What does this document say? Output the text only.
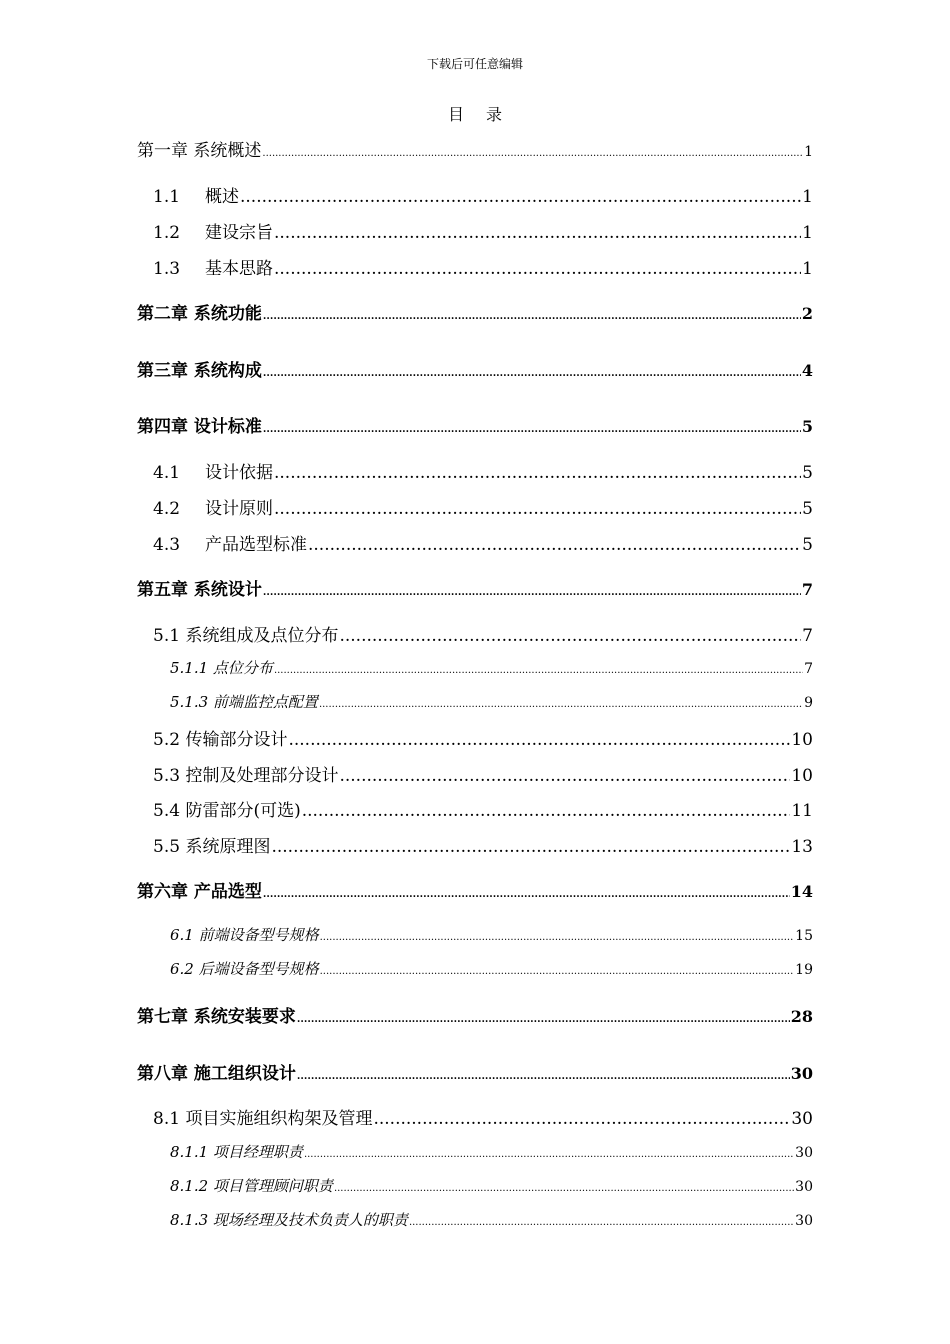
下载后可任意编辑
目 录
第一章 系统概述 .....	1
1.1 概述 .....	1
1.2 建设宗旨 .....	1
1.3 基本思路 .....	1
第二章 系统功能 .....	2
第三章 系统构成 .....	4
第四章 设计标准 .....	5
4.1 设计依据 .....	5
4.2 设计原则 .....	5
4.3 产品选型标准 .....	5
第五章 系统设计 .....	7
5.1 系统组成及点位分布 .....	7
5.1.1 点位分布 .....	7
5.1.3 前端监控点配置 .....	9
5.2 传输部分设计 .....	10
5.3 控制及处理部分设计 .....	10
5.4 防雷部分(可选) .....	11
5.5 系统原理图 .....	13
第六章 产品选型 .....	14
6.1 前端设备型号规格 .....	15
6.2 后端设备型号规格 .....	19
第七章 系统安装要求 .....	28
第八章 施工组织设计 .....	30
8.1 项目实施组织构架及管理 .....	30
8.1.1 项目经理职责 .....	30
8.1.2 项目管理顾问职责 .....	30
8.1.3 现场经理及技术负责人的职责 .....	30
